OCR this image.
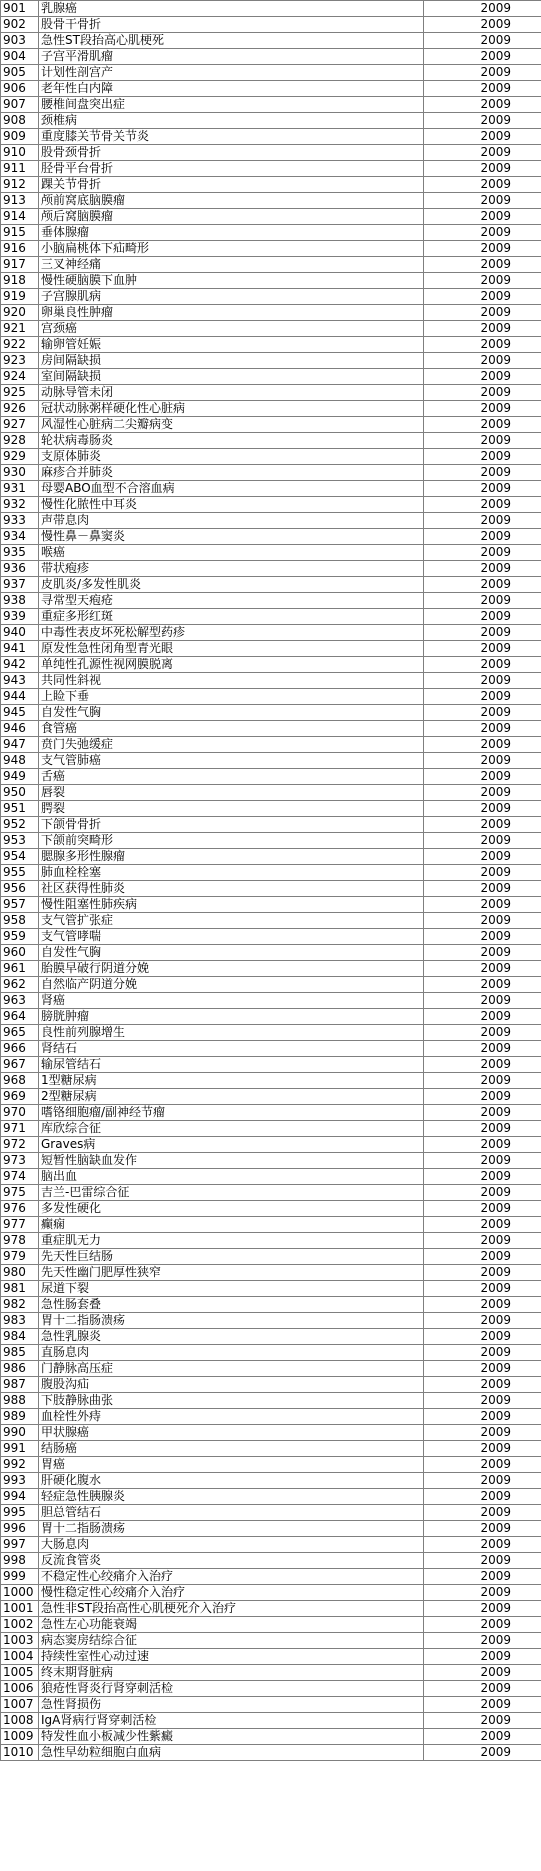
901	乳腺癌	2009
902	股骨干骨折	2009
903	急性ST段抬高心肌梗死	2009
904	子宫平滑肌瘤	2009
905	计划性剖宫产	2009
906	老年性白内障	2009
907	腰椎间盘突出症	2009
908	颈椎病	2009
909	重度膝关节骨关节炎	2009
910	股骨颈骨折	2009
911	胫骨平台骨折	2009
912	踝关节骨折	2009
913	颅前窝底脑膜瘤	2009
914	颅后窝脑膜瘤	2009
915	垂体腺瘤	2009
916	小脑扁桃体下疝畸形	2009
917	三叉神经痛	2009
918	慢性硬脑膜下血肿	2009
919	子宫腺肌病	2009
920	卵巢良性肿瘤	2009
921	宫颈癌	2009
922	输卵管妊娠	2009
923	房间隔缺损	2009
924	室间隔缺损	2009
925	动脉导管未闭	2009
926	冠状动脉粥样硬化性心脏病	2009
927	风湿性心脏病二尖瓣病变	2009
928	轮状病毒肠炎	2009
929	支原体肺炎	2009
930	麻疹合并肺炎	2009
931	母婴ABO血型不合溶血病	2009
932	慢性化脓性中耳炎	2009
933	声带息肉	2009
934	慢性鼻－鼻窦炎	2009
935	喉癌	2009
936	带状疱疹	2009
937	皮肌炎/多发性肌炎	2009
938	寻常型天疱疮	2009
939	重症多形红斑	2009
940	中毒性表皮坏死松解型药疹	2009
941	原发性急性闭角型青光眼	2009
942	单纯性孔源性视网膜脱离	2009
943	共同性斜视	2009
944	上睑下垂	2009
945	自发性气胸	2009
946	食管癌	2009
947	贲门失弛缓症	2009
948	支气管肺癌	2009
949	舌癌	2009
950	唇裂	2009
951	腭裂	2009
952	下颌骨骨折	2009
953	下颌前突畸形	2009
954	腮腺多形性腺瘤	2009
955	肺血栓栓塞	2009
956	社区获得性肺炎	2009
957	慢性阻塞性肺疾病	2009
958	支气管扩张症	2009
959	支气管哮喘	2009
960	自发性气胸	2009
961	胎膜早破行阴道分娩	2009
962	自然临产阴道分娩	2009
963	肾癌	2009
964	膀胱肿瘤	2009
965	良性前列腺增生	2009
966	肾结石	2009
967	输尿管结石	2009
968	1型糖尿病	2009
969	2型糖尿病	2009
970	嗜铬细胞瘤/副神经节瘤	2009
971	库欣综合征	2009
972	Graves病	2009
973	短暂性脑缺血发作	2009
974	脑出血	2009
975	吉兰-巴雷综合征	2009
976	多发性硬化	2009
977	癫痫	2009
978	重症肌无力	2009
979	先天性巨结肠	2009
980	先天性幽门肥厚性狭窄	2009
981	尿道下裂	2009
982	急性肠套叠	2009
983	胃十二指肠溃疡	2009
984	急性乳腺炎	2009
985	直肠息肉	2009
986	门静脉高压症	2009
987	腹股沟疝	2009
988	下肢静脉曲张	2009
989	血栓性外痔	2009
990	甲状腺癌	2009
991	结肠癌	2009
992	胃癌	2009
993	肝硬化腹水	2009
994	轻症急性胰腺炎	2009
995	胆总管结石	2009
996	胃十二指肠溃疡	2009
997	大肠息肉	2009
998	反流食管炎	2009
999	不稳定性心绞痛介入治疗	2009
1000	慢性稳定性心绞痛介入治疗	2009
1001	急性非ST段抬高性心肌梗死介入治疗	2009
1002	急性左心功能衰竭	2009
1003	病态窦房结综合征	2009
1004	持续性室性心动过速	2009
1005	终末期肾脏病	2009
1006	狼疮性肾炎行肾穿刺活检	2009
1007	急性肾损伤	2009
1008	IgA肾病行肾穿刺活检	2009
1009	特发性血小板减少性紫癜	2009
1010	急性早幼粒细胞白血病	2009
